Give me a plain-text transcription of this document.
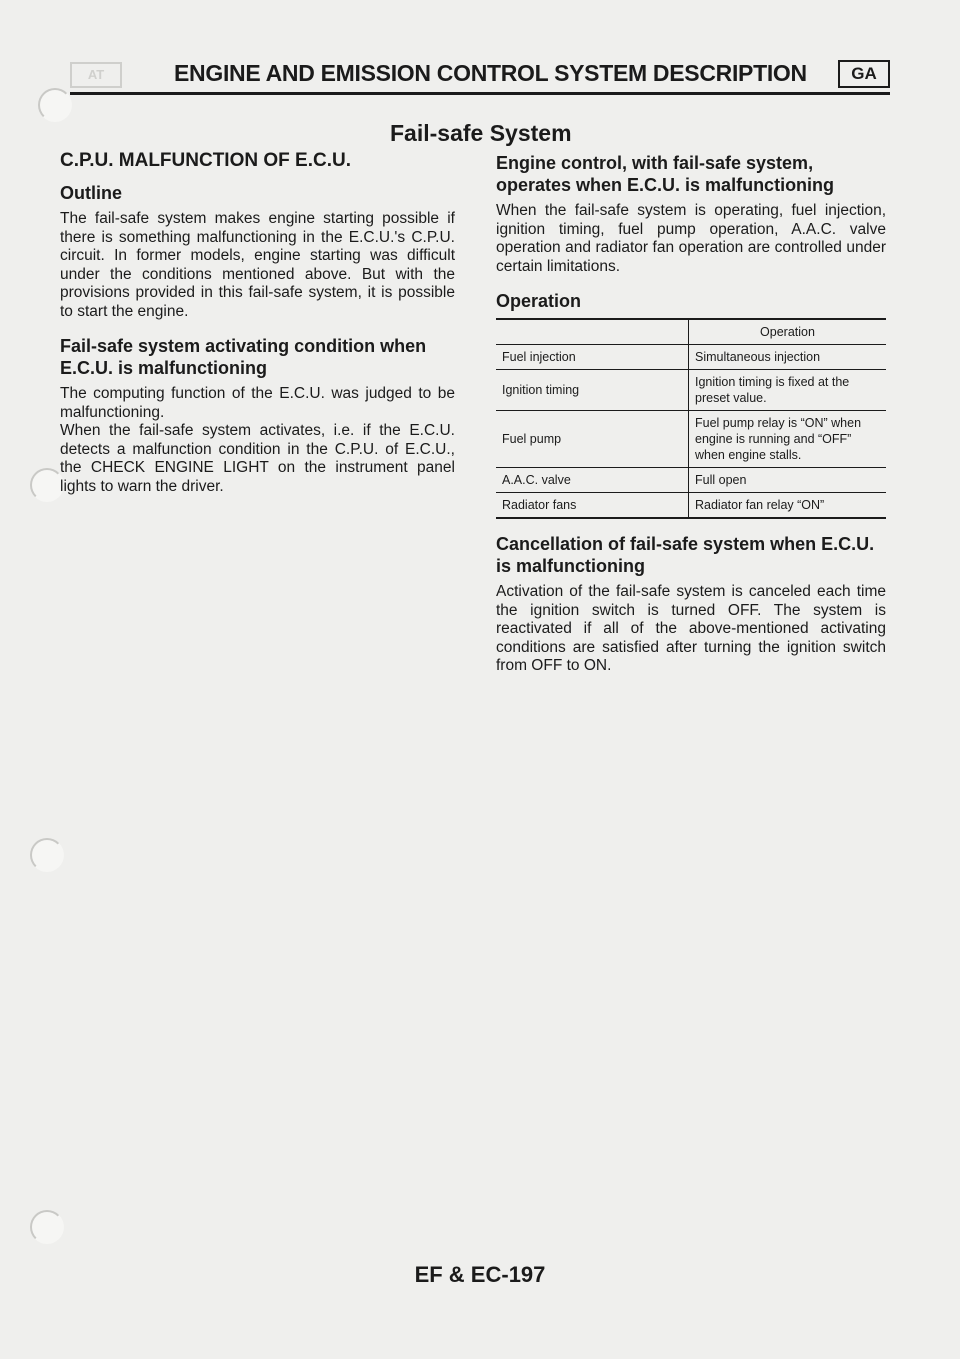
AT	ENGINE AND EMISSION CONTROL SYSTEM DESCRIPTION	GA
Fail-safe System
C.P.U. MALFUNCTION OF E.C.U.
Outline

The fail-safe system makes engine starting possible if there is something malfunctioning in the E.C.U.'s C.P.U. circuit. In former models, engine starting was difficult under the conditions mentioned above. But with the provisions provided in this fail-safe system, it is possible to start the engine.

Fail-safe system activating condition when E.C.U. is malfunctioning

The computing function of the E.C.U. was judged to be malfunctioning.

When the fail-safe system activates, i.e. if the E.C.U. detects a malfunction condition in the C.P.U. of E.C.U., the CHECK ENGINE LIGHT on the instrument panel lights to warn the driver.

Engine control, with fail-safe system, operates when E.C.U. is malfunctioning

When the fail-safe system is operating, fuel injection, ignition timing, fuel pump operation, A.A.C. valve operation and radiator fan operation are controlled under certain limitations.

Operation
	Operation
Fuel injection	Simultaneous injection
Ignition timing	Ignition timing is fixed at the preset value.
Fuel pump	Fuel pump relay is “ON” when engine is running and “OFF” when engine stalls.
A.A.C. valve	Full open
Radiator fans	Radiator fan relay “ON”
Cancellation of fail-safe system when E.C.U. is malfunctioning

Activation of the fail-safe system is canceled each time the ignition switch is turned OFF. The system is reactivated if all of the above-mentioned activating conditions are satisfied after turning the ignition switch from OFF to ON.

EF & EC-197
